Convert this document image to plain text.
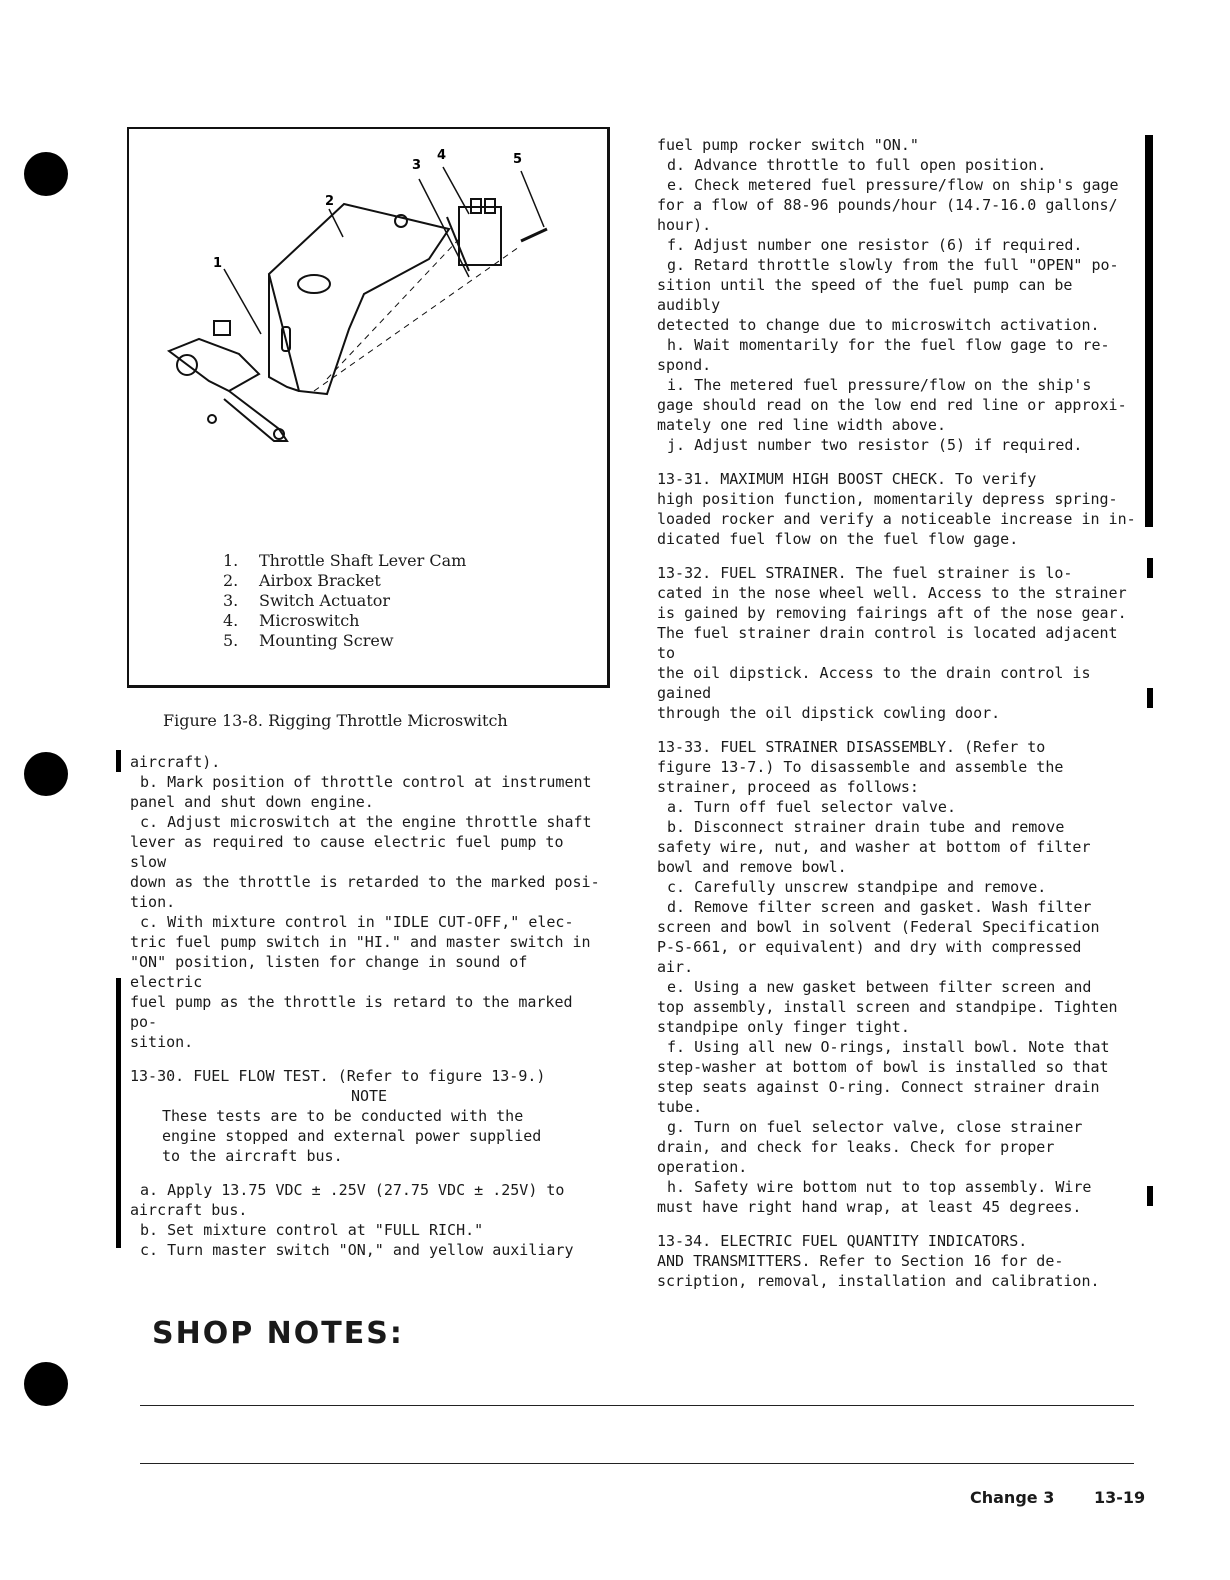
1
2
3
4	5
1.	Throttle Shaft Lever Cam
2.	Airbox Bracket
3.	Switch Actuator
4.	Microswitch
5.	Mounting Screw
Figure 13-8. Rigging Throttle Microswitch

aircraft).

b. Mark position of throttle control at instrument

panel and shut down engine.

c. Adjust microswitch at the engine throttle shaft

lever as required to cause electric fuel pump to slow

down as the throttle is retarded to the marked posi-

tion.

c. With mixture control in "IDLE CUT-OFF," elec-

tric fuel pump switch in "HI." and master switch in

"ON" position, listen for change in sound of electric

fuel pump as the throttle is retard to the marked po-

sition.

13-30. FUEL FLOW TEST. (Refer to figure 13-9.)

NOTE

These tests are to be conducted with the engine stopped and external power supplied to the aircraft bus.

a. Apply 13.75 VDC ± .25V (27.75 VDC ± .25V) to

aircraft bus.

b. Set mixture control at "FULL RICH."

c. Turn master switch "ON," and yellow auxiliary

fuel pump rocker switch "ON."

d. Advance throttle to full open position.

e. Check metered fuel pressure/flow on ship's gage

for a flow of 88-96 pounds/hour (14.7-16.0 gallons/

hour).

f. Adjust number one resistor (6) if required.

g. Retard throttle slowly from the full "OPEN" po-

sition until the speed of the fuel pump can be audibly

detected to change due to microswitch activation.

h. Wait momentarily for the fuel flow gage to re-

spond.

i. The metered fuel pressure/flow on the ship's

gage should read on the low end red line or approxi-

mately one red line width above.

j. Adjust number two resistor (5) if required.

13-31. MAXIMUM HIGH BOOST CHECK. To verify

high position function, momentarily depress spring-

loaded rocker and verify a noticeable increase in in-

dicated fuel flow on the fuel flow gage.

13-32. FUEL STRAINER. The fuel strainer is lo-

cated in the nose wheel well. Access to the strainer

is gained by removing fairings aft of the nose gear.

The fuel strainer drain control is located adjacent to

the oil dipstick. Access to the drain control is gained

through the oil dipstick cowling door.

13-33. FUEL STRAINER DISASSEMBLY. (Refer to

figure 13-7.) To disassemble and assemble the

strainer, proceed as follows:

a. Turn off fuel selector valve.

b. Disconnect strainer drain tube and remove

safety wire, nut, and washer at bottom of filter

bowl and remove bowl.

c. Carefully unscrew standpipe and remove.

d. Remove filter screen and gasket. Wash filter

screen and bowl in solvent (Federal Specification

P-S-661, or equivalent) and dry with compressed

air.

e. Using a new gasket between filter screen and

top assembly, install screen and standpipe. Tighten

standpipe only finger tight.

f. Using all new O-rings, install bowl. Note that

step-washer at bottom of bowl is installed so that

step seats against O-ring. Connect strainer drain

tube.

g. Turn on fuel selector valve, close strainer

drain, and check for leaks. Check for proper

operation.

h. Safety wire bottom nut to top assembly. Wire

must have right hand wrap, at least 45 degrees.

13-34. ELECTRIC FUEL QUANTITY INDICATORS.

AND TRANSMITTERS. Refer to Section 16 for de-

scription, removal, installation and calibration.

SHOP NOTES:
Change 3 13-19
